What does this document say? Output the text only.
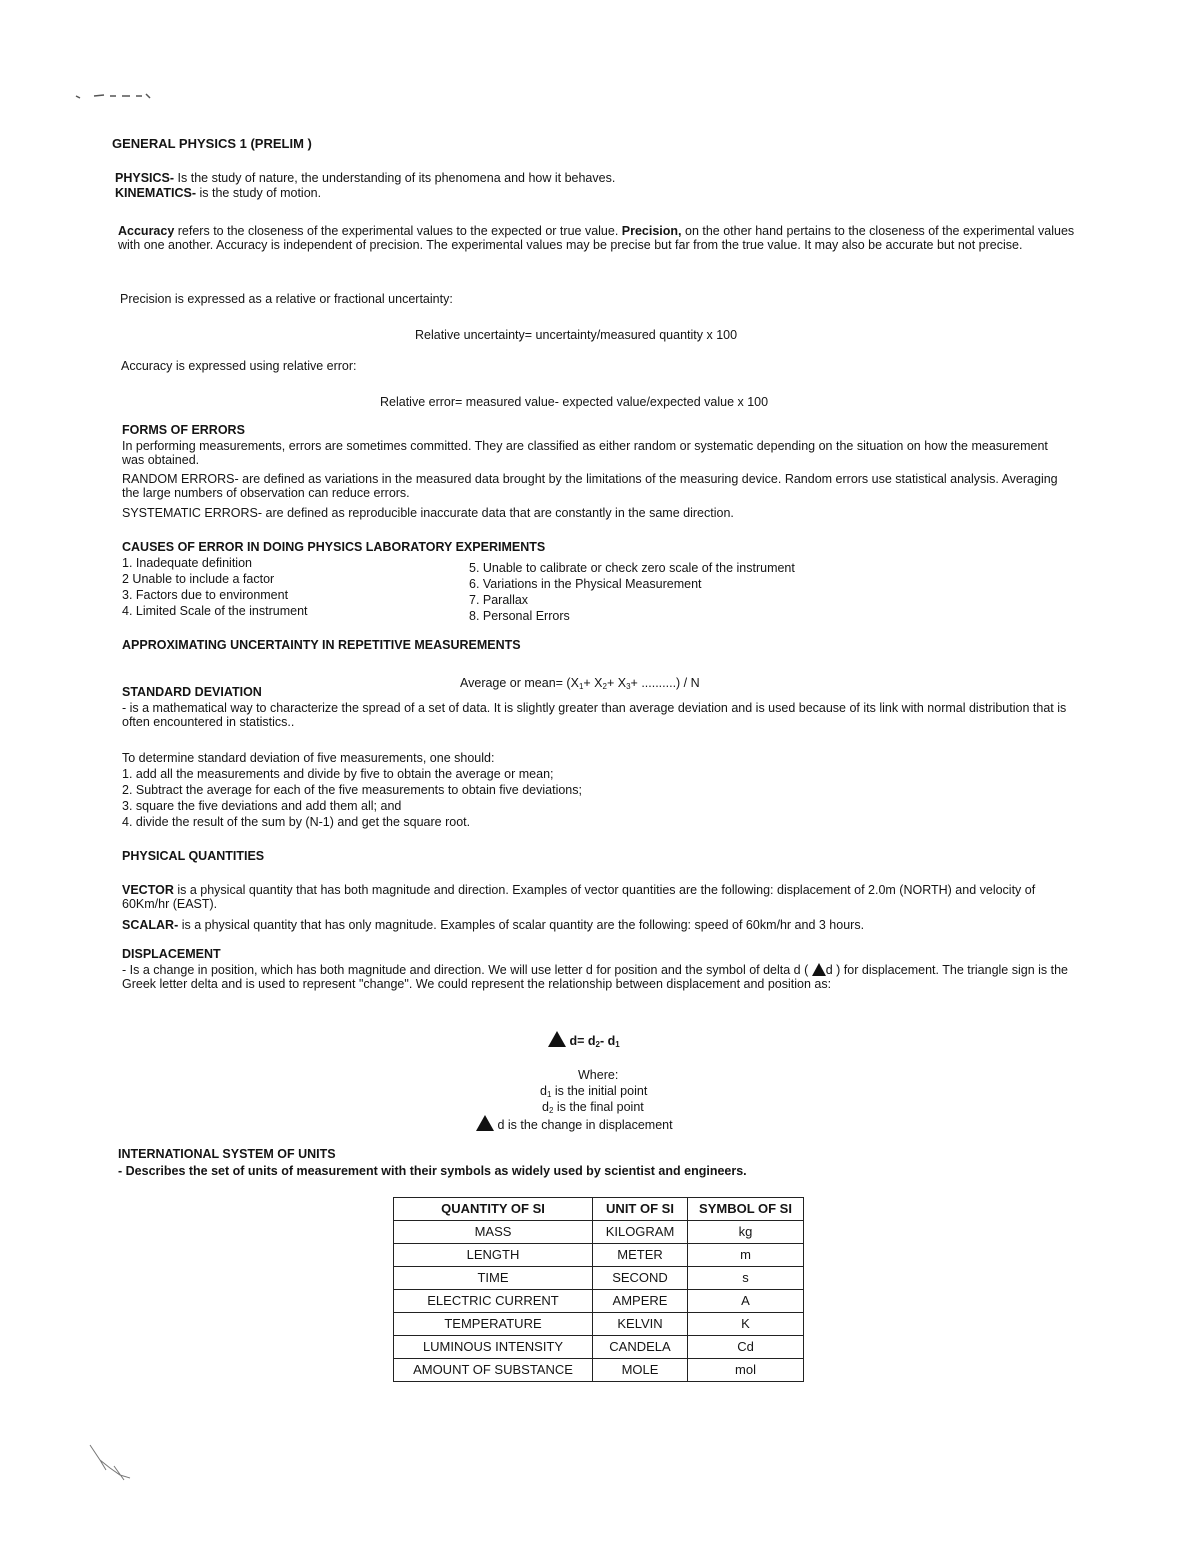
GENERAL PHYSICS 1 (PRELIM )
PHYSICS- Is the study of nature, the understanding of its phenomena and how it behaves.
KINEMATICS- is the study of motion.

Accuracy refers to the closeness of the experimental values to the expected or true value. Precision, on the other hand pertains to the closeness of the experimental values with one another. Accuracy is independent of precision. The experimental values may be precise but far from the true value. It may also be accurate but not precise.

Precision is expressed as a relative or fractional uncertainty:
Relative uncertainty= uncertainty/measured quantity x 100
Accuracy is expressed using relative error:
Relative error= measured value- expected value/expected value x 100
FORMS OF ERRORS

In performing measurements, errors are sometimes committed. They are classified as either random or systematic depending on the situation on how the measurement was obtained.

RANDOM ERRORS- are defined as variations in the measured data brought by the limitations of the measuring device. Random errors use statistical analysis. Averaging the large numbers of observation can reduce errors.

SYSTEMATIC ERRORS- are defined as reproducible inaccurate data that are constantly in the same direction.

CAUSES OF ERROR IN DOING PHYSICS LABORATORY EXPERIMENTS
1. Inadequate definition
2 Unable to include a factor
3. Factors due to environment
4. Limited Scale of the instrument
5. Unable to calibrate or check zero scale of the instrument
6. Variations in the Physical Measurement
7. Parallax
8. Personal Errors
APPROXIMATING UNCERTAINTY IN REPETITIVE MEASUREMENTS
Average or mean= ($X_1+ X_2+ X_3+$ ..........) / N
STANDARD DEVIATION

- is a mathematical way to characterize the spread of a set of data. It is slightly greater than average deviation and is used because of its link with normal distribution that is often encountered in statistics..

To determine standard deviation of five measurements, one should:
1. add all the measurements and divide by five to obtain the average or mean;
2. Subtract the average for each of the five measurements to obtain five deviations;
3. square the five deviations and add them all; and
4. divide the result of the sum by (N-1) and get the square root.
PHYSICAL QUANTITIES

VECTOR is a physical quantity that has both magnitude and direction. Examples of vector quantities are the following: displacement of 2.0m (NORTH) and velocity of 60Km/hr (EAST).

SCALAR- is a physical quantity that has only magnitude. Examples of scalar quantity are the following: speed of 60km/hr and 3 hours.

DISPLACEMENT

- Is a change in position, which has both magnitude and direction. We will use letter d for position and the symbol of delta d ( d ) for displacement. The triangle sign is the Greek letter delta and is used to represent "change". We could represent the relationship between displacement and position as:

$d= d_2-$ $d_1$
Where:
$d_1$ is the initial point
$d_2$ is the final point
d is the change in displacement
INTERNATIONAL SYSTEM OF UNITS
- Describes the set of units of measurement with their symbols as widely used by scientist and engineers.
QUANTITY OF SI	UNIT OF SI	SYMBOL OF SI
MASS	KILOGRAM	kg
LENGTH	METER	m
TIME	SECOND	s
ELECTRIC CURRENT	AMPERE	A
TEMPERATURE	KELVIN	K
LUMINOUS INTENSITY	CANDELA	Cd
AMOUNT OF SUBSTANCE	MOLE	mol
